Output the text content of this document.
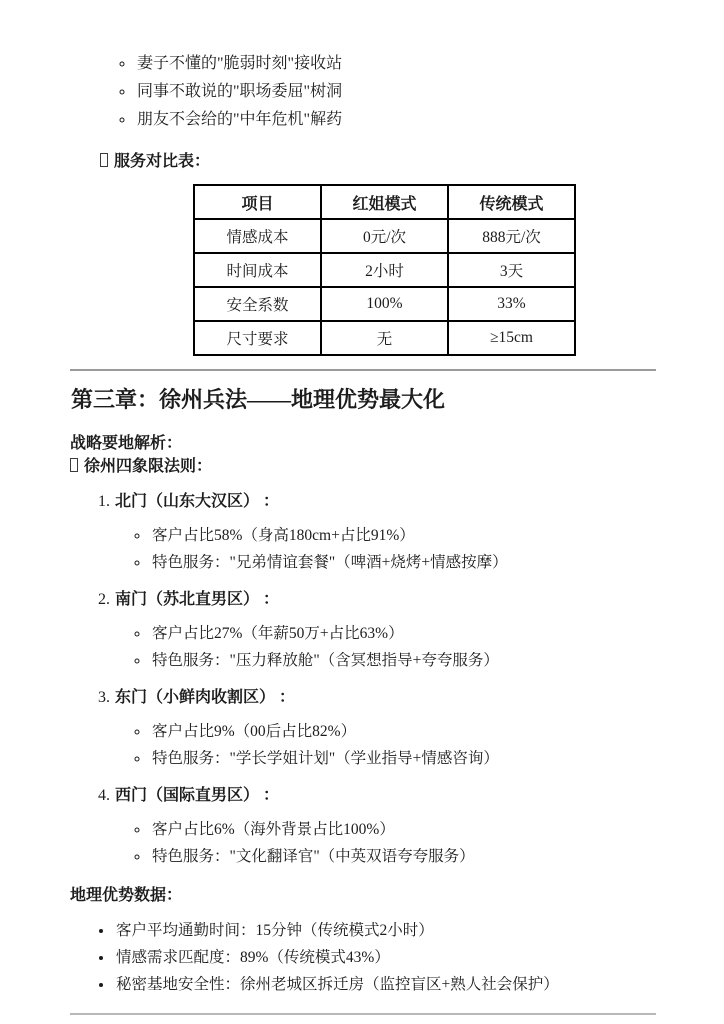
◦ 妻子不懂的"脆弱时刻"接收站
◦ 同事不敢说的"职场委屈"树洞
◦ 朋友不会给的"中年危机"解药

服务对比表：

项目	红姐模式	传统模式
情感成本	0元/次	888元/次
时间成本	2小时	3天
安全系数	100%	33%
尺寸要求	无	≥15cm
第三章：徐州兵法——地理优势最大化

战略要地解析：

徐州四象限法则：

1. 北门（山东大汉区） ：
◦ 客户占比58%（身高180cm+占比91%）
◦ 特色服务："兄弟情谊套餐"（啤酒+烧烤+情感按摩）
2. 南门（苏北直男区） ：
◦ 客户占比27%（年薪50万+占比63%）
◦ 特色服务："压力释放舱"（含冥想指导+夸夸服务）
3. 东门（小鲜肉收割区） ：
◦ 客户占比9%（00后占比82%）
◦ 特色服务："学长学姐计划"（学业指导+情感咨询）
4. 西门（国际直男区） ：
◦ 客户占比6%（海外背景占比100%）
◦ 特色服务："文化翻译官"（中英双语夸夸服务）

地理优势数据：

• 客户平均通勤时间：15分钟（传统模式2小时）
• 情感需求匹配度：89%（传统模式43%）
• 秘密基地安全性：徐州老城区拆迁房（监控盲区+熟人社会保护）
